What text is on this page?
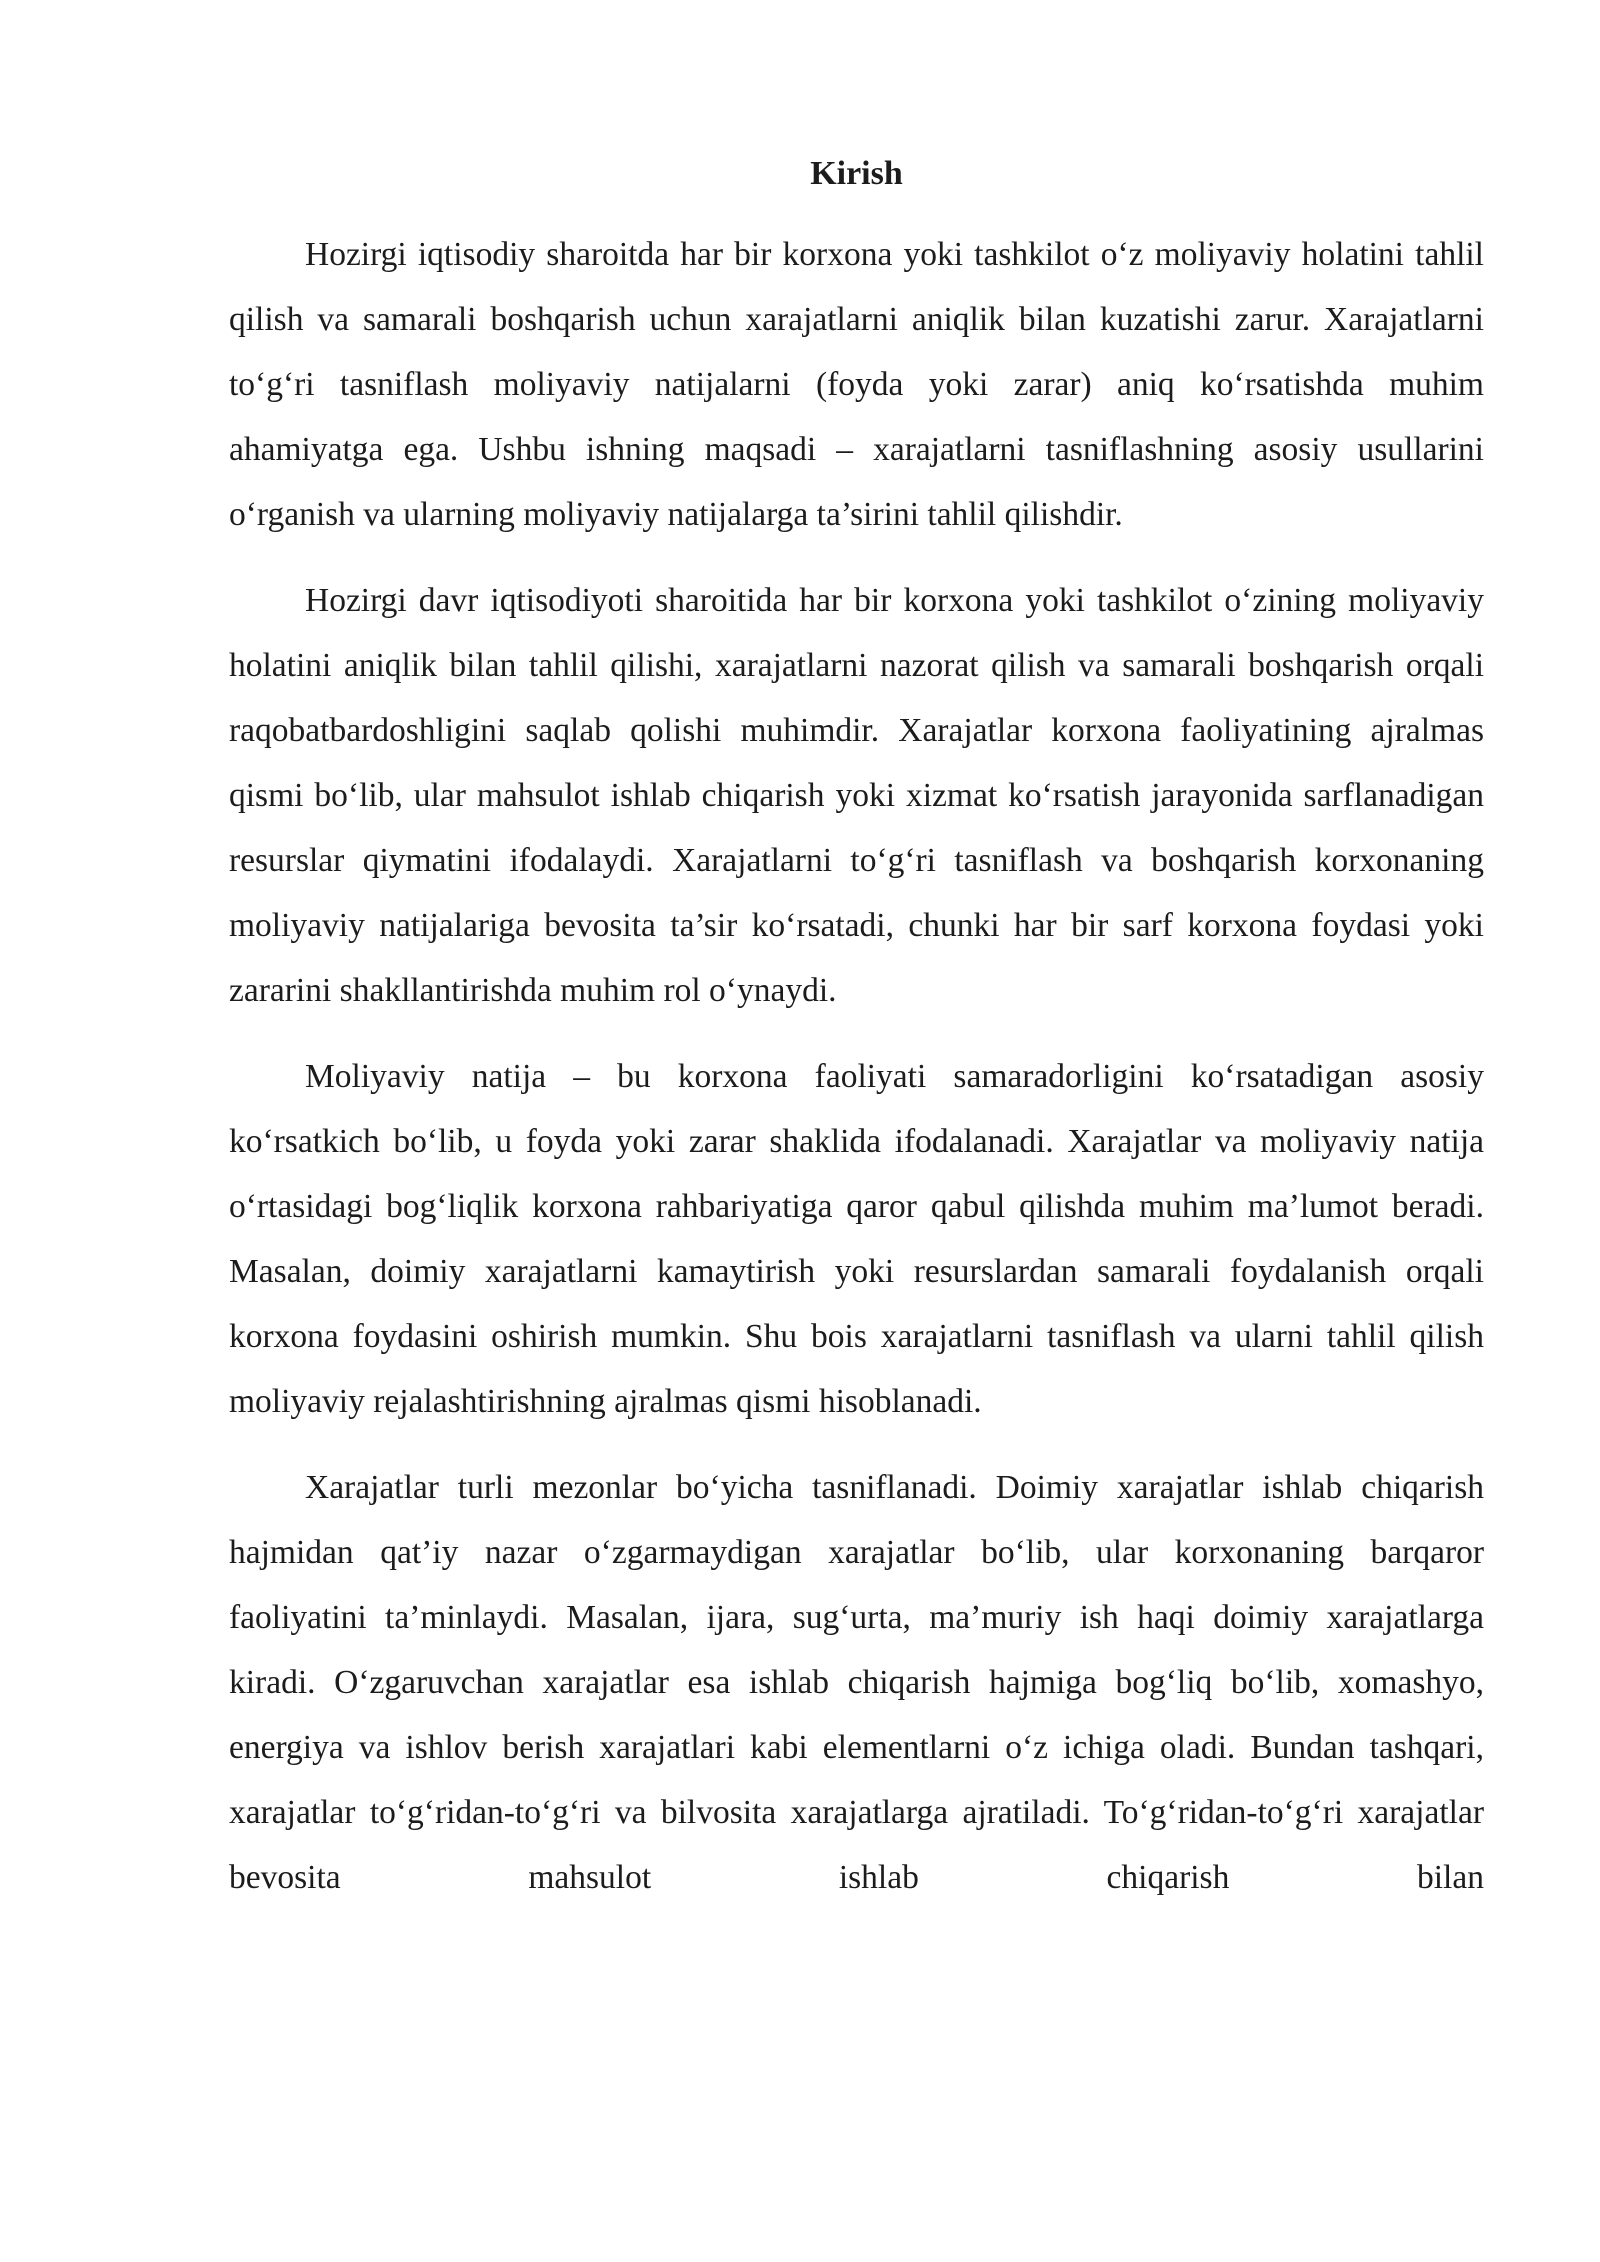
Kirish

Hozirgi iqtisodiy sharoitda har bir korxona yoki tashkilot o‘z moliyaviy holatini tahlil qilish va samarali boshqarish uchun xarajatlarni aniqlik bilan kuzatishi zarur. Xarajatlarni to‘g‘ri tasniflash moliyaviy natijalarni (foyda yoki zarar) aniq ko‘rsatishda muhim ahamiyatga ega. Ushbu ishning maqsadi – xarajatlarni tasniflashning asosiy usullarini o‘rganish va ularning moliyaviy natijalarga ta’sirini tahlil qilishdir.

Hozirgi davr iqtisodiyoti sharoitida har bir korxona yoki tashkilot o‘zining moliyaviy holatini aniqlik bilan tahlil qilishi, xarajatlarni nazorat qilish va samarali boshqarish orqali raqobatbardoshligini saqlab qolishi muhimdir. Xarajatlar korxona faoliyatining ajralmas qismi bo‘lib, ular mahsulot ishlab chiqarish yoki xizmat ko‘rsatish jarayonida sarflanadigan resurslar qiymatini ifodalaydi. Xarajatlarni to‘g‘ri tasniflash va boshqarish korxonaning moliyaviy natijalariga bevosita ta’sir ko‘rsatadi, chunki har bir sarf korxona foydasi yoki zararini shakllantirishda muhim rol o‘ynaydi.

Moliyaviy natija – bu korxona faoliyati samaradorligini ko‘rsatadigan asosiy ko‘rsatkich bo‘lib, u foyda yoki zarar shaklida ifodalanadi. Xarajatlar va moliyaviy natija o‘rtasidagi bog‘liqlik korxona rahbariyatiga qaror qabul qilishda muhim ma’lumot beradi. Masalan, doimiy xarajatlarni kamaytirish yoki resurslardan samarali foydalanish orqali korxona foydasini oshirish mumkin. Shu bois xarajatlarni tasniflash va ularni tahlil qilish moliyaviy rejalashtirishning ajralmas qismi hisoblanadi.

Xarajatlar turli mezonlar bo‘yicha tasniflanadi. Doimiy xarajatlar ishlab chiqarish hajmidan qat’iy nazar o‘zgarmaydigan xarajatlar bo‘lib, ular korxonaning barqaror faoliyatini ta’minlaydi. Masalan, ijara, sug‘urta, ma’muriy ish haqi doimiy xarajatlarga kiradi. O‘zgaruvchan xarajatlar esa ishlab chiqarish hajmiga bog‘liq bo‘lib, xomashyo, energiya va ishlov berish xarajatlari kabi elementlarni o‘z ichiga oladi. Bundan tashqari, xarajatlar to‘g‘ridan-to‘g‘ri va bilvosita xarajatlarga ajratiladi. To‘g‘ridan-to‘g‘ri xarajatlar bevosita mahsulot ishlab chiqarish bilan
